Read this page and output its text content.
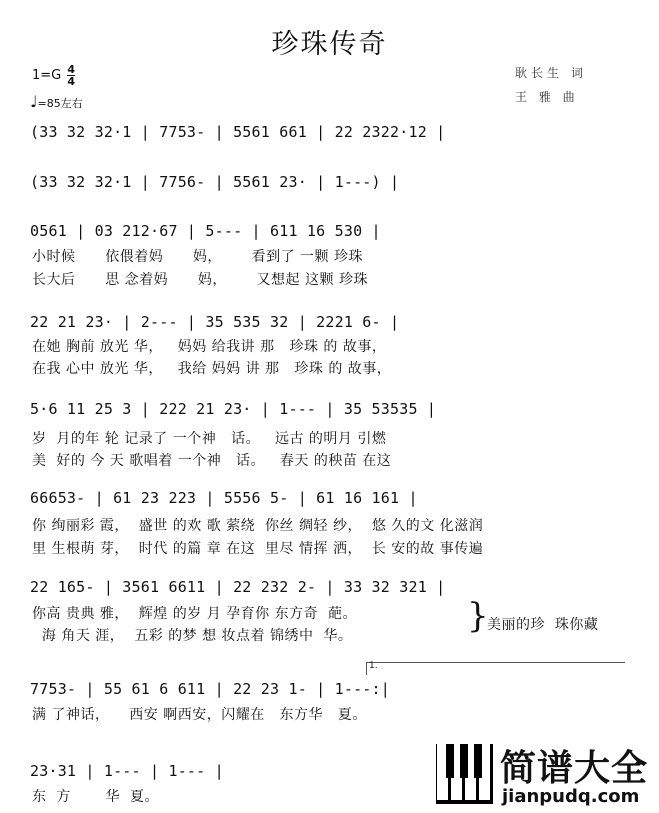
珍珠传奇
$1=G \frac{4}{4}$
♩=85左右
耿长生 词
王 雅 曲
(33 32 32·1 | 7753- | 5561 661 | 22 2322·12 |
(33 32 32·1 | 7756- | 5561 23· | 1---) |
0561 | 03 212·67 | 5--- | 611 16 530 |
小时候      依偎着妈      妈，      看到了 一颗 珍珠
长大后      思 念着妈      妈，      又想起 这颗 珍珠
22 21 23· | 2--- | 35 535 32 | 2221 6- |
在她 胸前 放光 华，   妈妈 给我讲 那   珍珠 的 故事，
在我 心中 放光 华，   我给 妈妈 讲 那   珍珠 的 故事，
5·6 11 25 3 | 222 21 23· | 1--- | 35 53535 |
岁  月的年 轮 记录了 一个神   话。   远古 的明月 引燃
美  好的 今 天 歌唱着 一个神   话。   春天 的秧苗 在这
66653- | 61 23 223 | 5556 5- | 61 16 161 |
你 绚丽彩 霞，  盛世 的欢 歌 萦绕  你丝 绸轻 纱，  悠 久的文 化滋润
里 生根萌 芽，  时代 的篇 章 在这  里尽 情挥 洒，  长 安的故 事传遍
22 165- | 3561 6611 | 22 232 2- | 33 32 321 |
你高 贵典 雅，  辉煌 的岁 月 孕育你 东方奇  葩。
海 角天 涯，  五彩 的梦 想 妆点着 锦绣中  华。	}
美丽的珍  珠你藏
1.
7753- | 55 61 6 611 | 22 23 1- | 1---:|
满 了神话，    西安 啊西安，闪耀在   东方华   夏。
23·31 | 1--- | 1--- |
东  方       华  夏。
简谱大全
jianpudq.com
